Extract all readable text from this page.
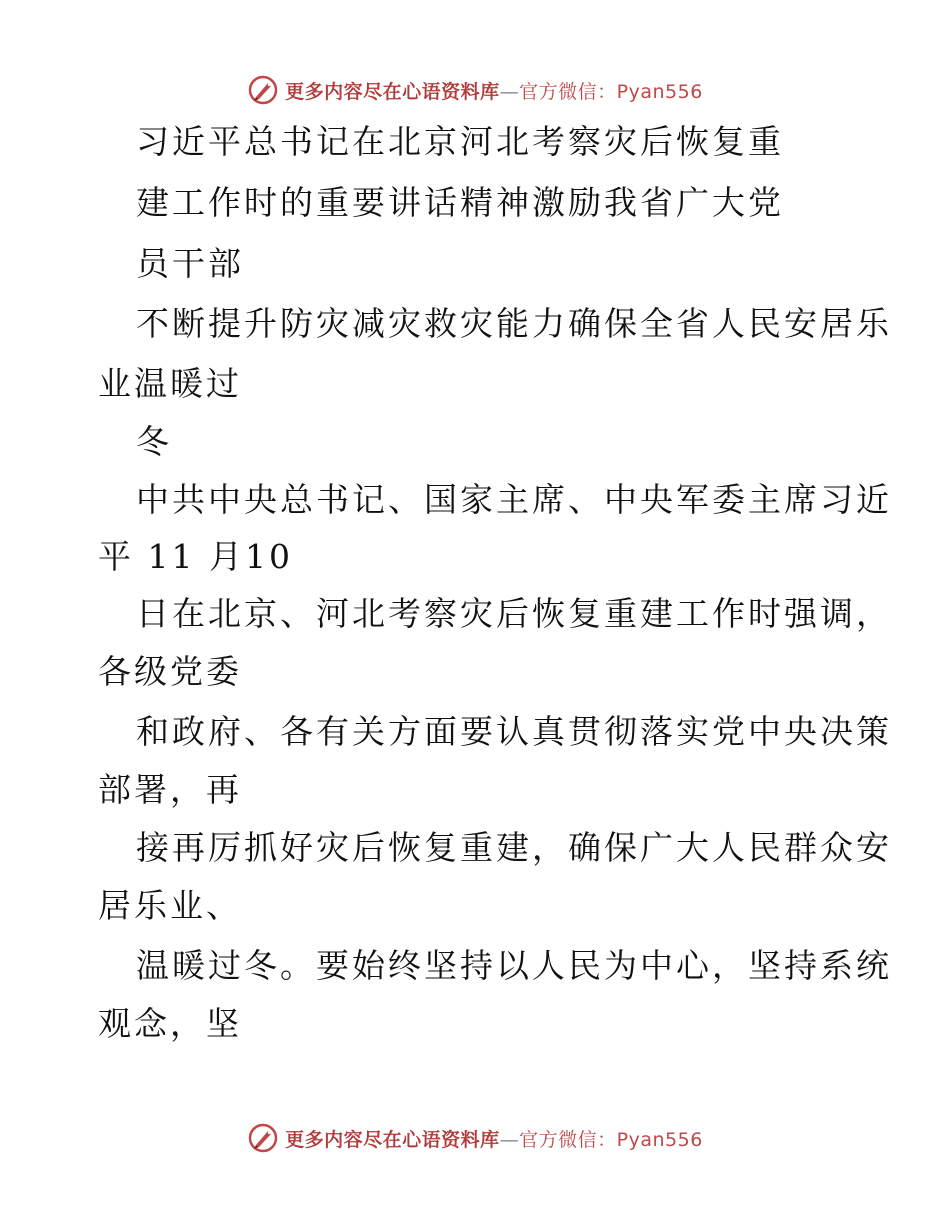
更多内容尽在心语资料库—官方微信：Pyan556
习近平总书记在北京河北考察灾后恢复重
建工作时的重要讲话精神激励我省广大党
员干部
不断提升防灾减灾救灾能力确保全省人民安居乐
业温暖过
冬
中共中央总书记、国家主席、中央军委主席习近
平 11 月10
日在北京、河北考察灾后恢复重建工作时强调，
各级党委
和政府、各有关方面要认真贯彻落实党中央决策
部署，再
接再厉抓好灾后恢复重建，确保广大人民群众安
居乐业、
温暖过冬。要始终坚持以人民为中心，坚持系统
观念，坚
更多内容尽在心语资料库—官方微信：Pyan556
